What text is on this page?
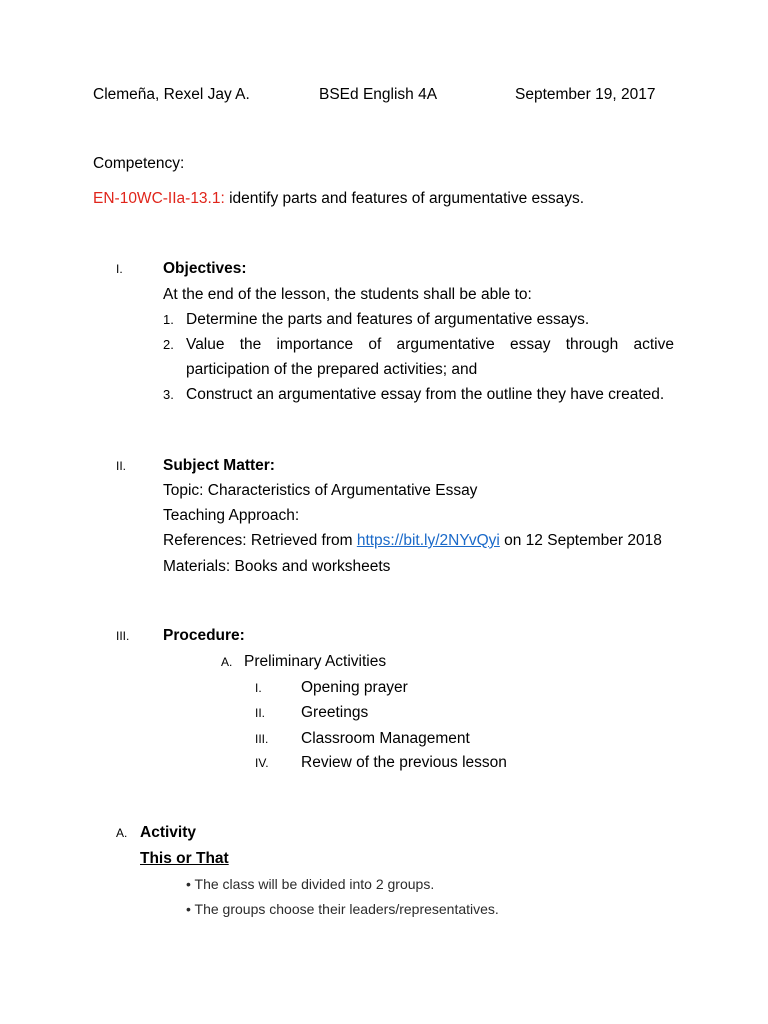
Clemeña, Rexel Jay A.	BSEd English 4A	September 19, 2017
Competency:
EN-10WC-IIa-13.1: identify parts and features of argumentative essays.
I.	Objectives:
At the end of the lesson, the students shall be able to:
1. Determine the parts and features of argumentative essays.
2. Value the importance of argumentative essay through active
participation of the prepared activities; and
3. Construct an argumentative essay from the outline they have created.
II. Subject Matter:
Topic: Characteristics of Argumentative Essay
Teaching Approach:
References: Retrieved from https://bit.ly/2NYvQyi on 12 September 2018
Materials: Books and worksheets
III. Procedure:
A. Preliminary Activities
I.	Opening prayer
II. Greetings
III. Classroom Management
IV. Review of the previous lesson
A. Activity
This or That
• The class will be divided into 2 groups.
• The groups choose their leaders/representatives.
